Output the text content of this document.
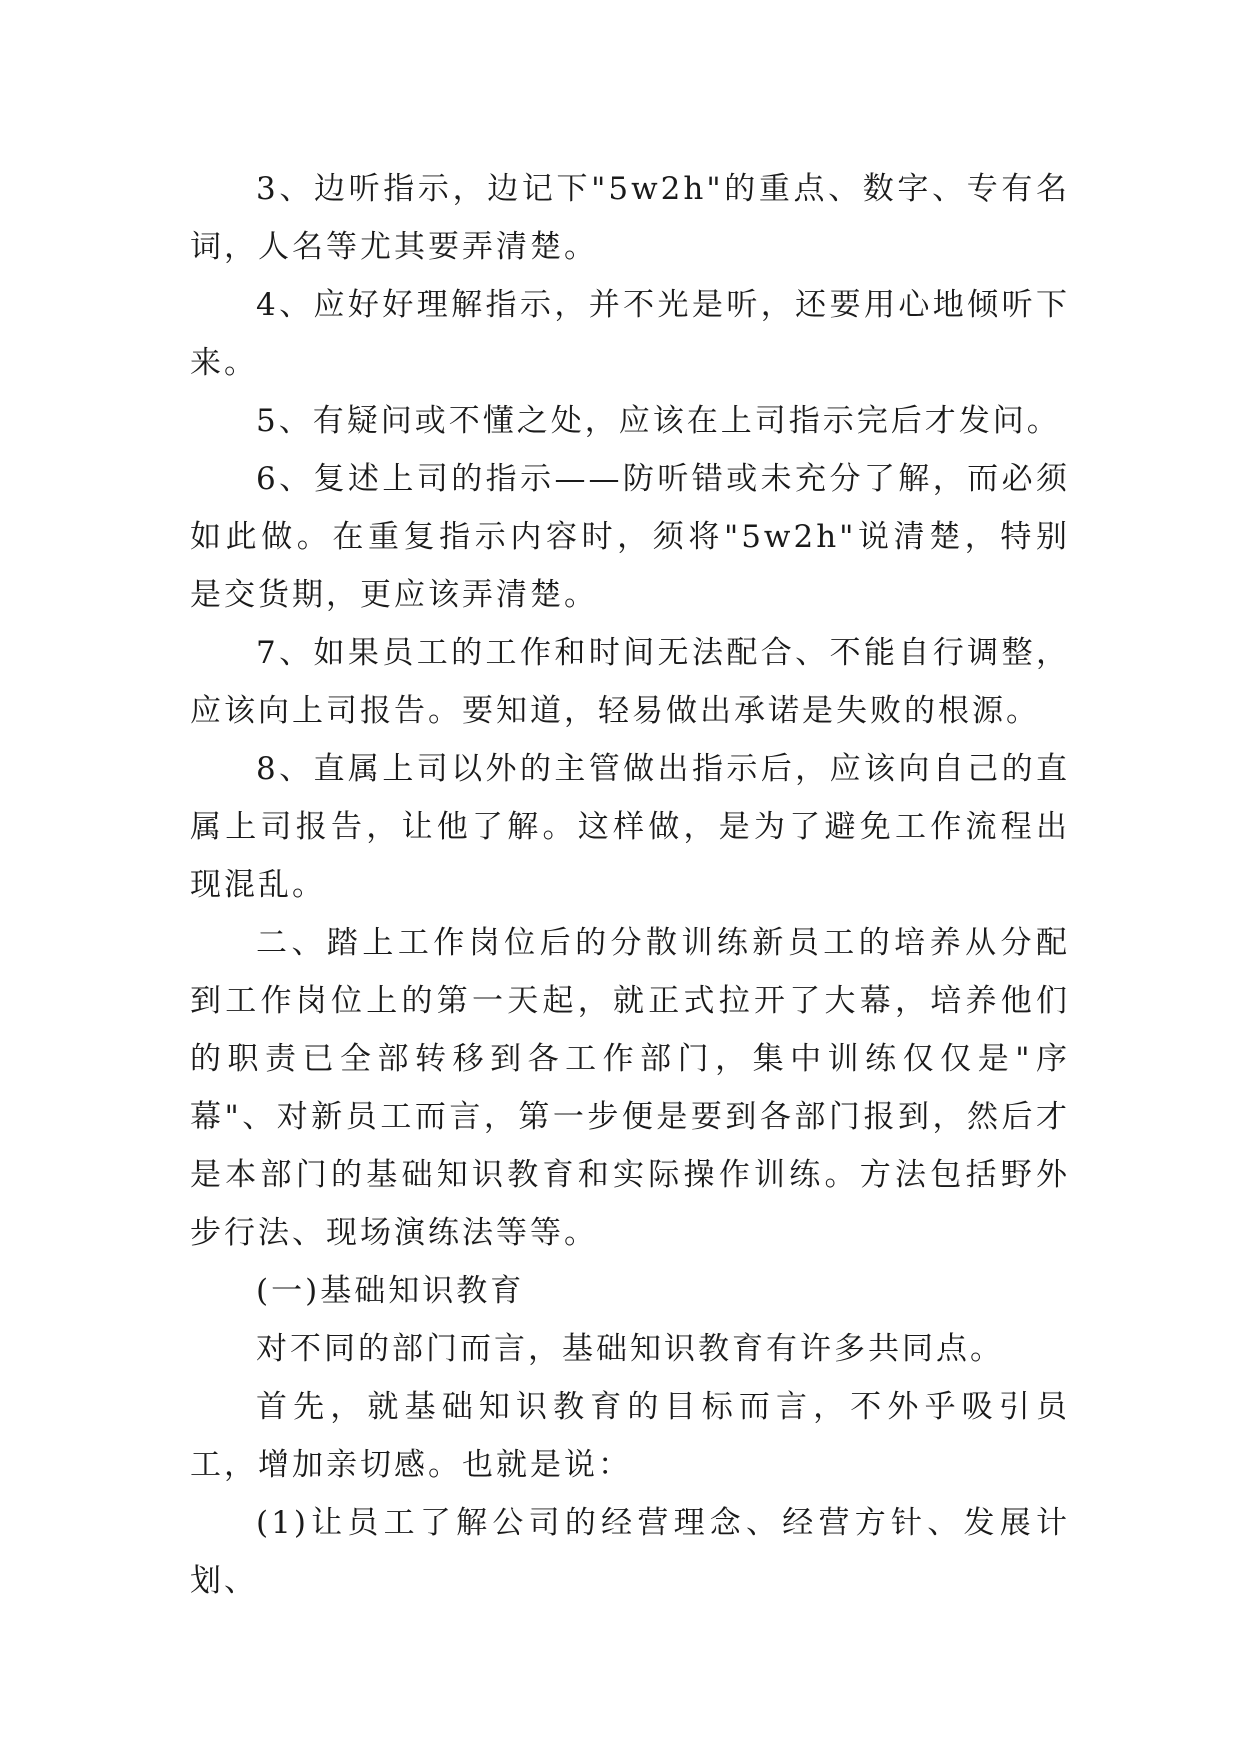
3、边听指示，边记下"5w2h"的重点、数字、专有名词，人名等尤其要弄清楚。

4、应好好理解指示，并不光是听，还要用心地倾听下来。

5、有疑问或不懂之处，应该在上司指示完后才发问。

6、复述上司的指示——防听错或未充分了解，而必须如此做。在重复指示内容时，须将"5w2h"说清楚，特别是交货期，更应该弄清楚。

7、如果员工的工作和时间无法配合、不能自行调整，应该向上司报告。要知道，轻易做出承诺是失败的根源。

8、直属上司以外的主管做出指示后，应该向自己的直属上司报告，让他了解。这样做，是为了避免工作流程出现混乱。

二、踏上工作岗位后的分散训练新员工的培养从分配到工作岗位上的第一天起，就正式拉开了大幕，培养他们的职责已全部转移到各工作部门，集中训练仅仅是"序幕"、对新员工而言，第一步便是要到各部门报到，然后才是本部门的基础知识教育和实际操作训练。方法包括野外步行法、现场演练法等等。

(一)基础知识教育

对不同的部门而言，基础知识教育有许多共同点。

首先，就基础知识教育的目标而言，不外乎吸引员工，增加亲切感。也就是说：

(1)让员工了解公司的经营理念、经营方针、发展计划、
